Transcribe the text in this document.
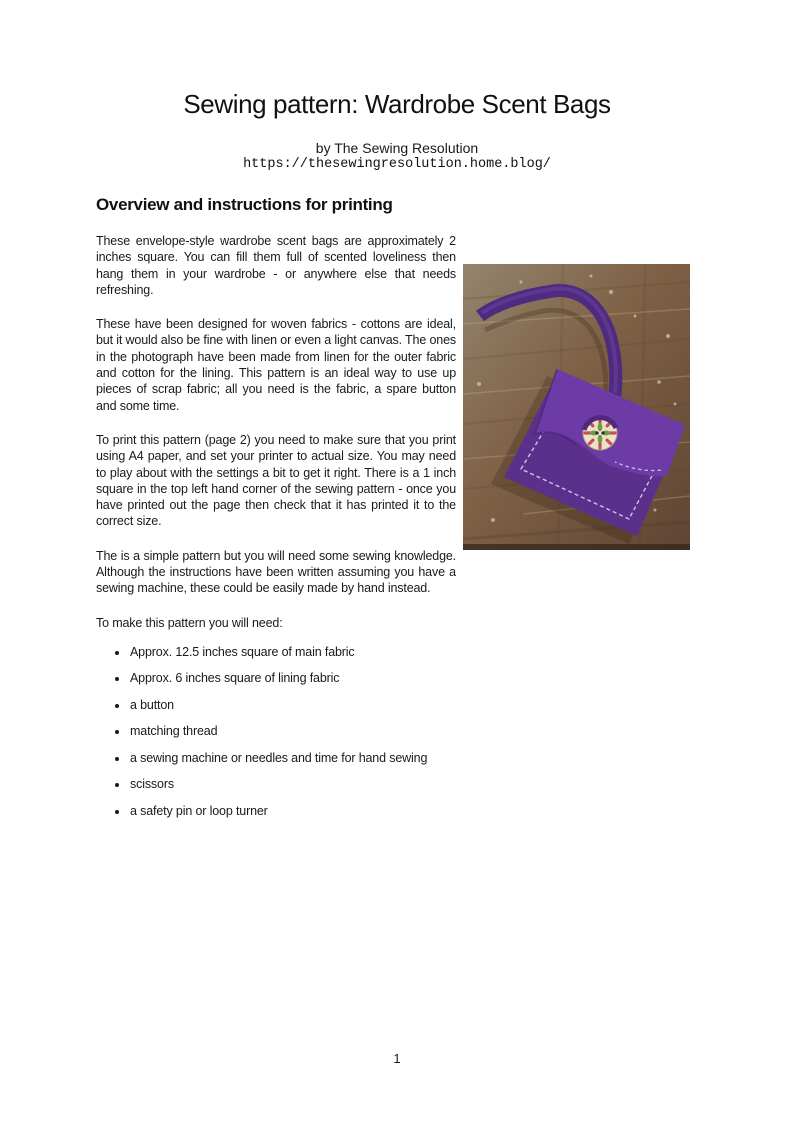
Sewing pattern: Wardrobe Scent Bags
by The Sewing Resolution
https://thesewingresolution.home.blog/
Overview and instructions for printing

These envelope-style wardrobe scent bags are approximately 2 inches square. You can fill them full of scented loveliness then hang them in your wardrobe - or anywhere else that needs refreshing.

These have been designed for woven fabrics - cottons are ideal, but it would also be fine with linen or even a light canvas. The ones in the photograph have been made from linen for the outer fabric and cotton for the lining. This pattern is an ideal way to use up pieces of scrap fabric; all you need is the fabric, a spare button and some time.

To print this pattern (page 2) you need to make sure that you print using A4 paper, and set your printer to actual size. You may need to play about with the settings a bit to get it right. There is a 1 inch square in the top left hand corner of the sewing pattern - once you have printed out the page then check that it has printed it to the correct size.

The is a simple pattern but you will need some sewing knowledge. Although the instructions have been written assuming you have a sewing machine, these could be easily made by hand instead.

To make this pattern you will need:

• Approx. 12.5 inches square of main fabric
• Approx. 6 inches square of lining fabric
• a button
• matching thread
• a sewing machine or needles and time for hand sewing
• scissors
• a safety pin or loop turner
1
